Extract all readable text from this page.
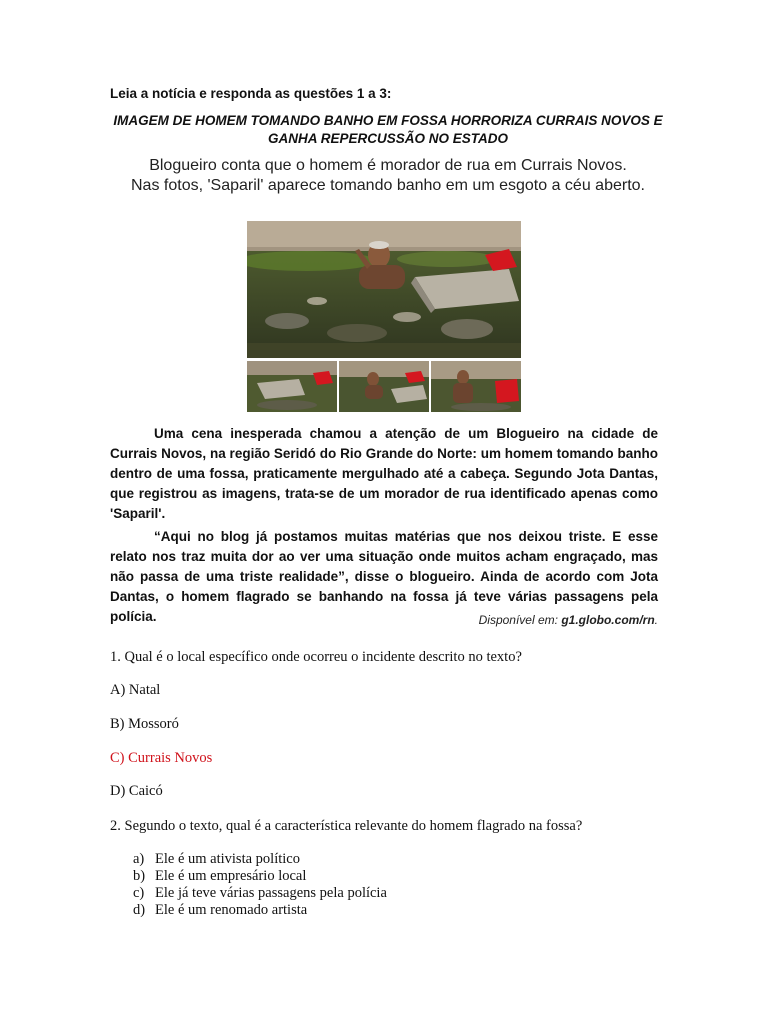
Leia a notícia e responda as questões 1 a 3:
IMAGEM DE HOMEM TOMANDO BANHO EM FOSSA HORRORIZA CURRAIS NOVOS E GANHA REPERCUSSÃO NO ESTADO
Blogueiro conta que o homem é morador de rua em Currais Novos.
Nas fotos, 'Saparil' aparece tomando banho em um esgoto a céu aberto.
Uma cena inesperada chamou a atenção de um Blogueiro na cidade de Currais Novos, na região Seridó do Rio Grande do Norte: um homem tomando banho dentro de uma fossa, praticamente mergulhado até a cabeça. Segundo Jota Dantas, que registrou as imagens, trata-se de um morador de rua identificado apenas como 'Saparil'.
“Aqui no blog já postamos muitas matérias que nos deixou triste. E esse relato nos traz muita dor ao ver uma situação onde muitos acham engraçado, mas não passa de uma triste realidade”, disse o blogueiro. Ainda de acordo com Jota Dantas, o homem flagrado se banhando na fossa já teve várias passagens pela polícia.	Disponível em: g1.globo.com/rn.
1. Qual é o local específico onde ocorreu o incidente descrito no texto?
A) Natal
B) Mossoró
C) Currais Novos
D) Caicó
2. Segundo o texto, qual é a característica relevante do homem flagrado na fossa?
a) Ele é um ativista político
b) Ele é um empresário local
c) Ele já teve várias passagens pela polícia
d) Ele é um renomado artista
